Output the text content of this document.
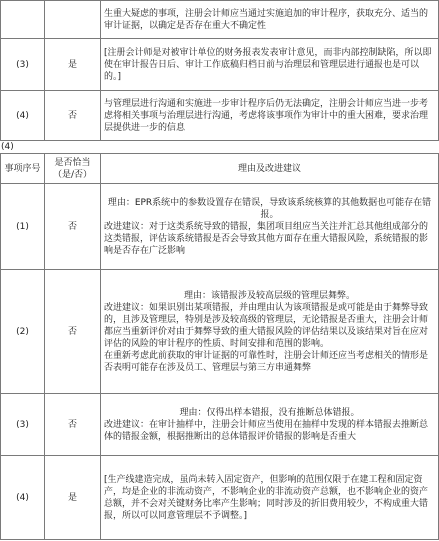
		生重大疑虑的事项，注册会计师应当通过实施追加的审计程序，获取充分、适当的审计证据，以确定是否存在重大不确定性
(3)	是	[注册会计师是对被审计单位的财务报表发表审计意见，而非内部控制缺陷，所以即使在审计报告日后、审计工作底稿归档日前与治理层和管理层进行通报也是可以的。]
(4)	否	与管理层进行沟通和实施进一步审计程序后仍无法确定，注册会计师应当进一步考虑将相关事项与治理层进行沟通，考虑将该事项作为审计中的重大困难，要求治理层提供进一步的信息
(4)
事项序号	是否恰当（是/否）	理由及改进建议
(1)	否	理由：EPR系统中的参数设置存在错误，导致该系统核算的其他数据也可能存在错报。

改进建议：对于这类系统导致的错报，集团项目组应当关注并汇总其他组成部分的这类错报，评估该系统错报是否会导致其他方面存在重大错报风险，系统错报的影响是否存在广泛影响

(2)	否	理由：该错报涉及较高层级的管理层舞弊。

改进建议：如果识别出某项错报，并由理由认为该项错报是或可能是由于舞弊导致的，且涉及管理层，特别是涉及较高级的管理层，无论错报是否重大，注册会计师都应当重新评价对由于舞弊导致的重大错报风险的评估结果以及该结果对旨在应对评估的风险的审计程序的性质、时间安排和范围的影响。

在重新考虑此前获取的审计证据的可靠性时，注册会计师还应当考虑相关的情形是否表明可能存在涉及员工、管理层与第三方串通舞弊

(3)	否	理由：仅得出样本错报，没有推断总体错报。

改进建议：在审计抽样中，注册会计师应当使用在抽样中发现的样本错报去推断总体的错报金额，根据推断出的总体错报评价错报的影响是否重大

(4)	是	[生产线建造完成，虽尚未转入固定资产，但影响的范围仅限于在建工程和固定资产，均是企业的非流动资产，不影响企业的非流动资产总额，也不影响企业的资产总额，并不会对关键财务比率产生影响；同时涉及的折旧费用较少，不构成重大错报，所以可以同意管理层不予调整。]
